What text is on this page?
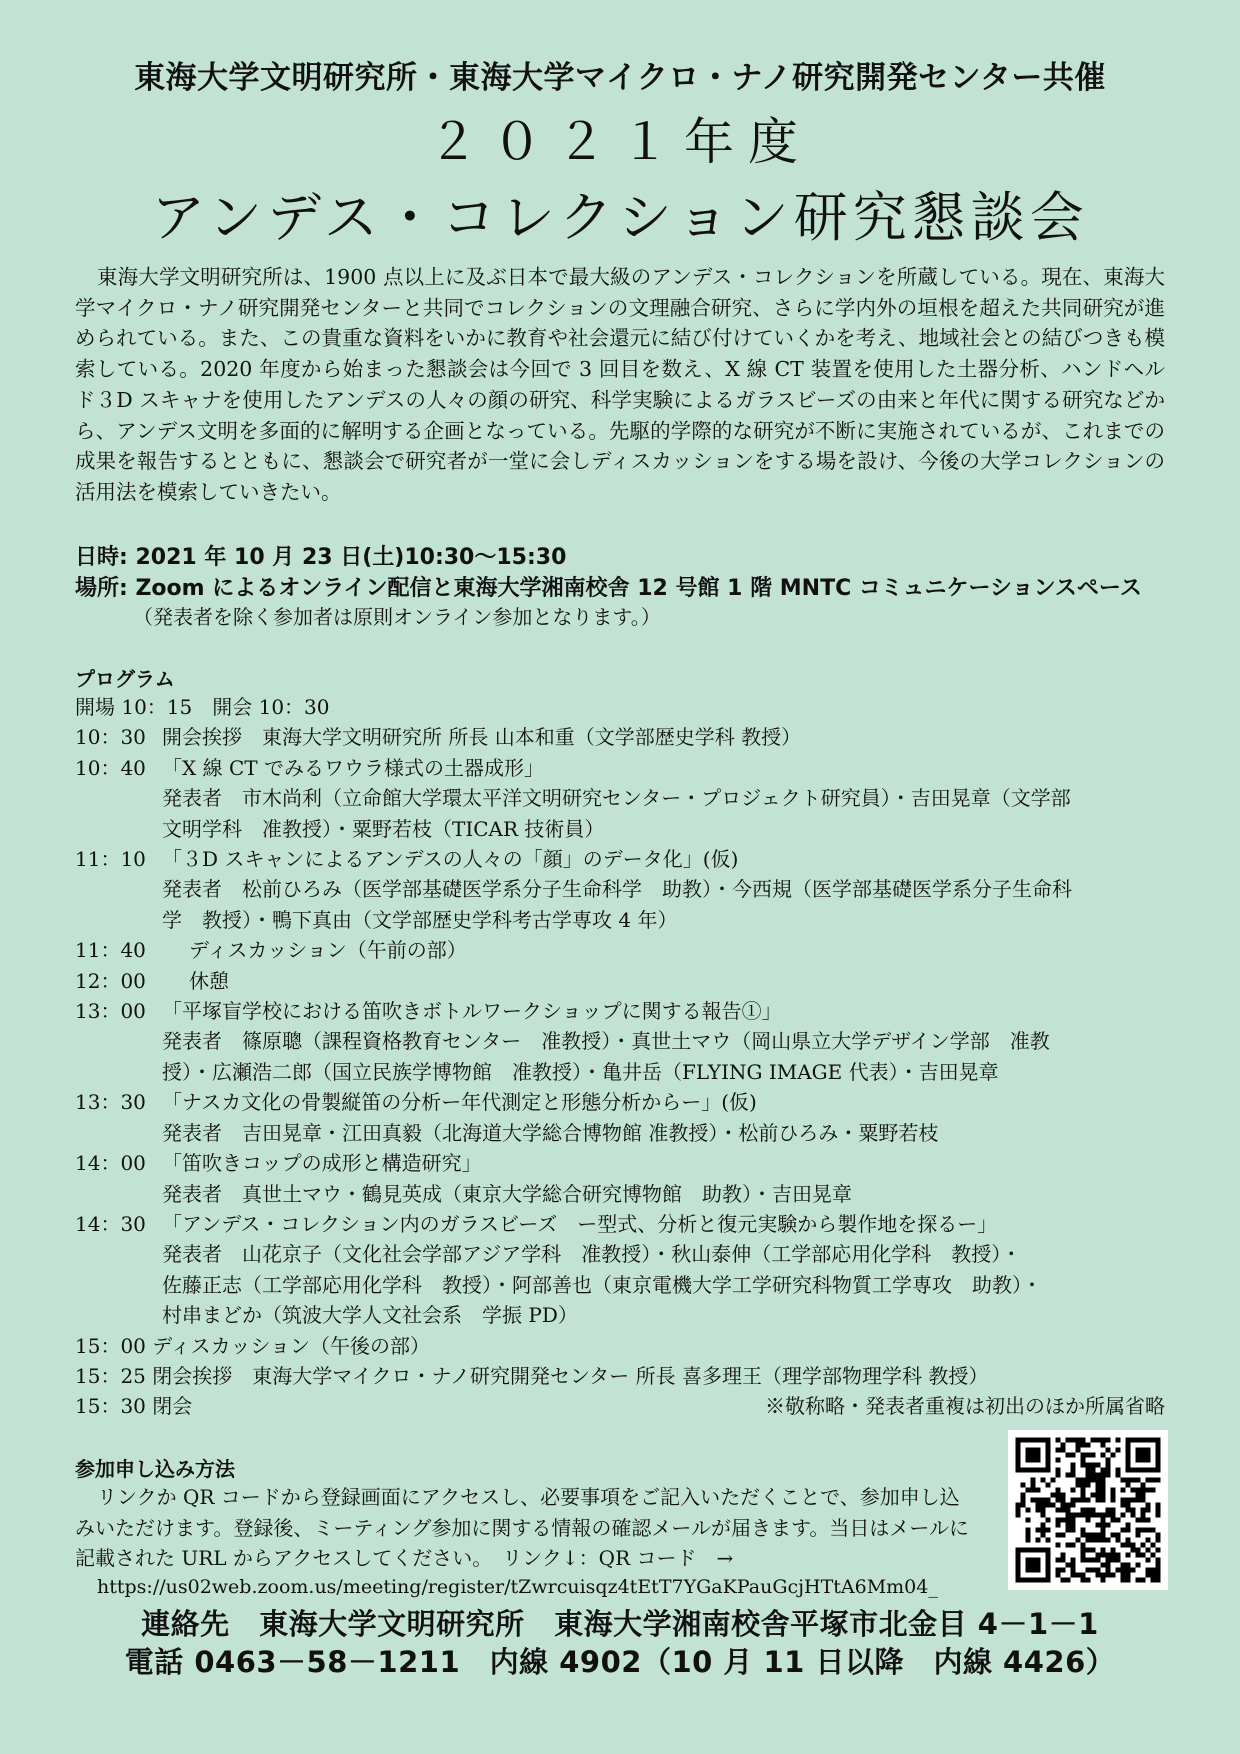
東海大学文明研究所・東海大学マイクロ・ナノ研究開発センター共催
２０２１年度
アンデス・コレクション研究懇談会
東海大学文明研究所は、1900 点以上に及ぶ日本で最大級のアンデス・コレクションを所蔵している。現在、東海大学マイクロ・ナノ研究開発センターと共同でコレクションの文理融合研究、さらに学内外の垣根を超えた共同研究が進められている。また、この貴重な資料をいかに教育や社会還元に結び付けていくかを考え、地域社会との結びつきも模索している。2020 年度から始まった懇談会は今回で 3 回目を数え、X 線 CT 装置を使用した土器分析、ハンドヘルド３D スキャナを使用したアンデスの人々の顔の研究、科学実験によるガラスビーズの由来と年代に関する研究などから、アンデス文明を多面的に解明する企画となっている。先駆的学際的な研究が不断に実施されているが、これまでの成果を報告するとともに、懇談会で研究者が一堂に会しディスカッションをする場を設け、今後の大学コレクションの活用法を模索していきたい。
日時: 2021 年 10 月 23 日(土)10:30～15:30
場所: Zoom によるオンライン配信と東海大学湘南校舎 12 号館 1 階 MNTC コミュニケーションスペース
（発表者を除く参加者は原則オンライン参加となります。）
プログラム
開場 10：15　開会 10：30
10：30 開会挨拶　東海大学文明研究所 所長 山本和重（文学部歴史学科 教授）
10：40 「X 線 CT でみるワウラ様式の土器成形」
発表者　市木尚利（立命館大学環太平洋文明研究センター・プロジェクト研究員）・吉田晃章（文学部
文明学科　准教授）・粟野若枝（TICAR 技術員）
11：10 「３D スキャンによるアンデスの人々の「顔」のデータ化」(仮)
発表者　松前ひろみ（医学部基礎医学系分子生命科学　助教）・今西規（医学部基礎医学系分子生命科
学　教授）・鴨下真由（文学部歴史学科考古学専攻 4 年）
11：40	ディスカッション（午前の部）
12：00	休憩
13：00 「平塚盲学校における笛吹きボトルワークショップに関する報告①」
発表者　篠原聰（課程資格教育センター　准教授）・真世土マウ（岡山県立大学デザイン学部　准教
授）・広瀬浩二郎（国立民族学博物館　准教授）・亀井岳（FLYING IMAGE 代表）・吉田晃章
13：30 「ナスカ文化の骨製縦笛の分析ー年代測定と形態分析からー」(仮)
発表者　吉田晃章・江田真毅（北海道大学総合博物館 准教授）・松前ひろみ・粟野若枝
14：00 「笛吹きコップの成形と構造研究」
発表者　真世土マウ・鶴見英成（東京大学総合研究博物館　助教）・吉田晃章
14：30 「アンデス・コレクション内のガラスビーズ　ー型式、分析と復元実験から製作地を探るー」
発表者　山花京子（文化社会学部アジア学科　准教授）・秋山泰伸（工学部応用化学科　教授）・
佐藤正志（工学部応用化学科　教授）・阿部善也（東京電機大学工学研究科物質工学専攻　助教）・
村串まどか（筑波大学人文社会系　学振 PD）
15：00 ディスカッション（午後の部）
15：25 閉会挨拶　東海大学マイクロ・ナノ研究開発センター 所長 喜多理王（理学部物理学科 教授）
※敬称略・発表者重複は初出のほか所属省略
15：30 閉会
参加申し込み方法
リンクか QR コードから登録画面にアクセスし、必要事項をご記入いただくことで、参加申し込みいただけます。登録後、ミーティング参加に関する情報の確認メールが届きます。当日はメールに記載された URL からアクセスしてください。　リンク↓：QR コード　→
https://us02web.zoom.us/meeting/register/tZwrcuisqz4tEtT7YGaKPauGcjHTtA6Mm04_
連絡先　東海大学文明研究所　東海大学湘南校舎平塚市北金目 4－1－1
電話 0463－58－1211　内線 4902（10 月 11 日以降　内線 4426）
